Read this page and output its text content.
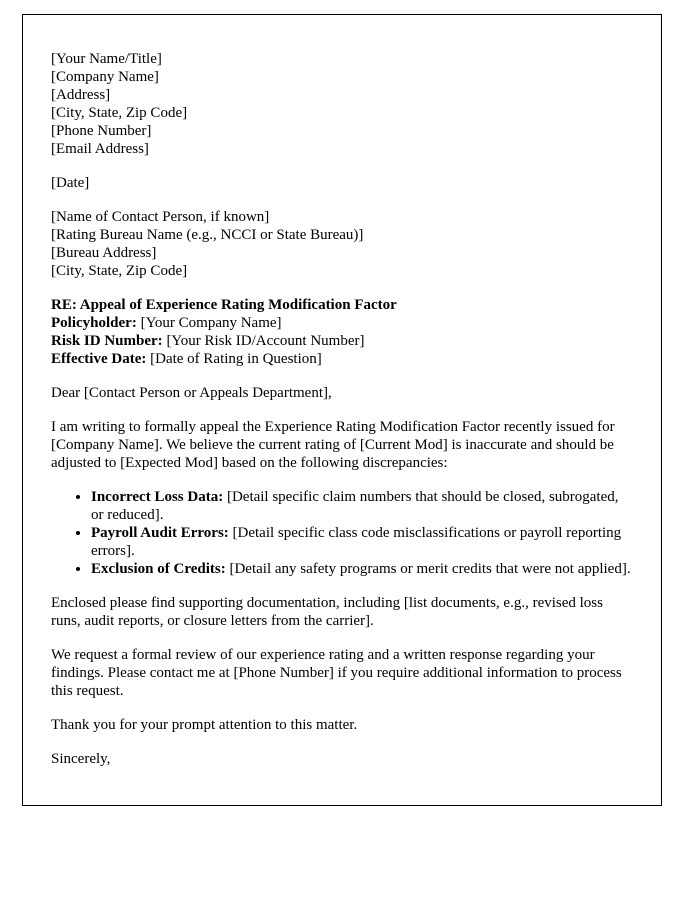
[Your Name/Title]
[Company Name]
[Address]
[City, State, Zip Code]
[Phone Number]
[Email Address]

[Date]

[Name of Contact Person, if known]
[Rating Bureau Name (e.g., NCCI or State Bureau)]
[Bureau Address]
[City, State, Zip Code]
RE: Appeal of Experience Rating Modification Factor
Policyholder: [Your Company Name]
Risk ID Number: [Your Risk ID/Account Number]
Effective Date: [Date of Rating in Question]

Dear [Contact Person or Appeals Department],

I am writing to formally appeal the Experience Rating Modification Factor recently issued for [Company Name]. We believe the current rating of [Current Mod] is inaccurate and should be adjusted to [Expected Mod] based on the following discrepancies:

• Incorrect Loss Data: [Detail specific claim numbers that should be closed, subrogated, or reduced].
• Payroll Audit Errors: [Detail specific class code misclassifications or payroll reporting errors].
• Exclusion of Credits: [Detail any safety programs or merit credits that were not applied].

Enclosed please find supporting documentation, including [list documents, e.g., revised loss runs, audit reports, or closure letters from the carrier].

We request a formal review of our experience rating and a written response regarding your findings. Please contact me at [Phone Number] if you require additional information to process this request.

Thank you for your prompt attention to this matter.

Sincerely,
